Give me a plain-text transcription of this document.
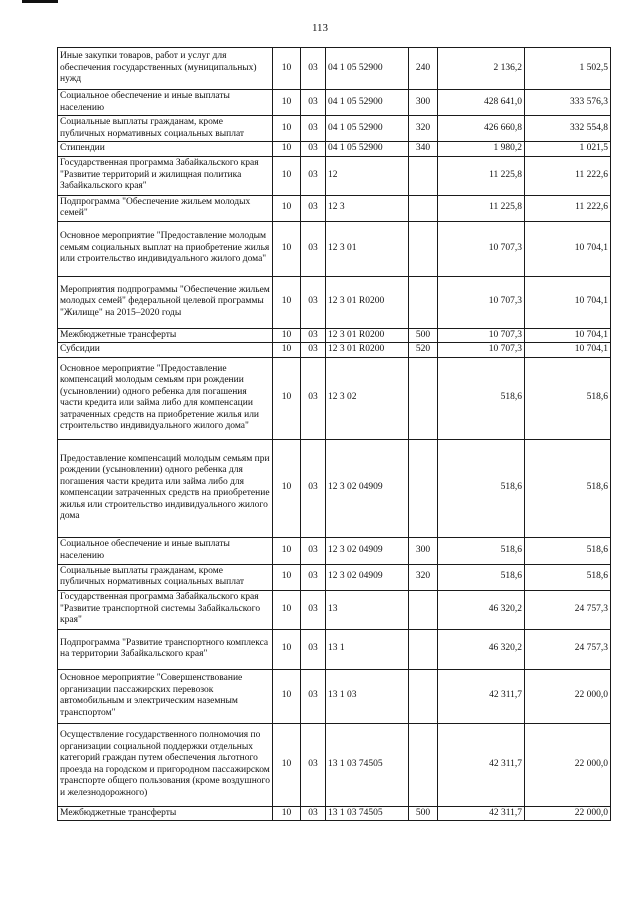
113
Иные закупки товаров, работ и услуг для обеспечения государственных (муниципальных) нужд	10	03	04 1 05 52900	240	2 136,2	1 502,5
Социальное обеспечение и иные выплаты населению	10	03	04 1 05 52900	300	428 641,0	333 576,3
Социальные выплаты гражданам, кроме публичных нормативных социальных выплат	10	03	04 1 05 52900	320	426 660,8	332 554,8
Стипендии	10	03	04 1 05 52900	340	1 980,2	1 021,5
Государственная программа Забайкальского края "Развитие территорий и жилищная политика Забайкальского края"	10	03	12		11 225,8	11 222,6
Подпрограмма "Обеспечение жильем молодых семей"	10	03	12 3		11 225,8	11 222,6
Основное мероприятие "Предоставление молодым семьям социальных выплат на приобретение жилья или строительство индивидуального жилого дома"	10	03	12 3 01		10 707,3	10 704,1
Мероприятия подпрограммы "Обеспечение жильем молодых семей" федеральной целевой программы "Жилище" на 2015–2020 годы	10	03	12 3 01 R0200		10 707,3	10 704,1
Межбюджетные трансферты	10	03	12 3 01 R0200	500	10 707,3	10 704,1
Субсидии	10	03	12 3 01 R0200	520	10 707,3	10 704,1
Основное мероприятие "Предоставление компенсаций молодым семьям при рождении (усыновлении) одного ребенка для погашения части кредита или займа либо для компенсации затраченных средств на приобретение жилья или строительство индивидуального жилого дома"	10	03	12 3 02		518,6	518,6
Предоставление компенсаций молодым семьям при рождении (усыновлении) одного ребенка для погашения части кредита или займа либо для компенсации затраченных средств на приобретение жилья или строительство индивидуального жилого дома	10	03	12 3 02 04909		518,6	518,6
Социальное обеспечение и иные выплаты населению	10	03	12 3 02 04909	300	518,6	518,6
Социальные выплаты гражданам, кроме публичных нормативных социальных выплат	10	03	12 3 02 04909	320	518,6	518,6
Государственная программа Забайкальского края "Развитие транспортной системы Забайкальского края"	10	03	13		46 320,2	24 757,3
Подпрограмма "Развитие транспортного комплекса на территории Забайкальского края"	10	03	13 1		46 320,2	24 757,3
Основное мероприятие "Совершенствование организации пассажирских перевозок автомобильным и электрическим наземным транспортом"	10	03	13 1 03		42 311,7	22 000,0
Осуществление государственного полномочия по организации социальной поддержки отдельных категорий граждан путем обеспечения льготного проезда на городском и пригородном пассажирском транспорте общего пользования (кроме воздушного и железнодорожного)	10	03	13 1 03 74505		42 311,7	22 000,0
Межбюджетные трансферты	10	03	13 1 03 74505	500	42 311,7	22 000,0
